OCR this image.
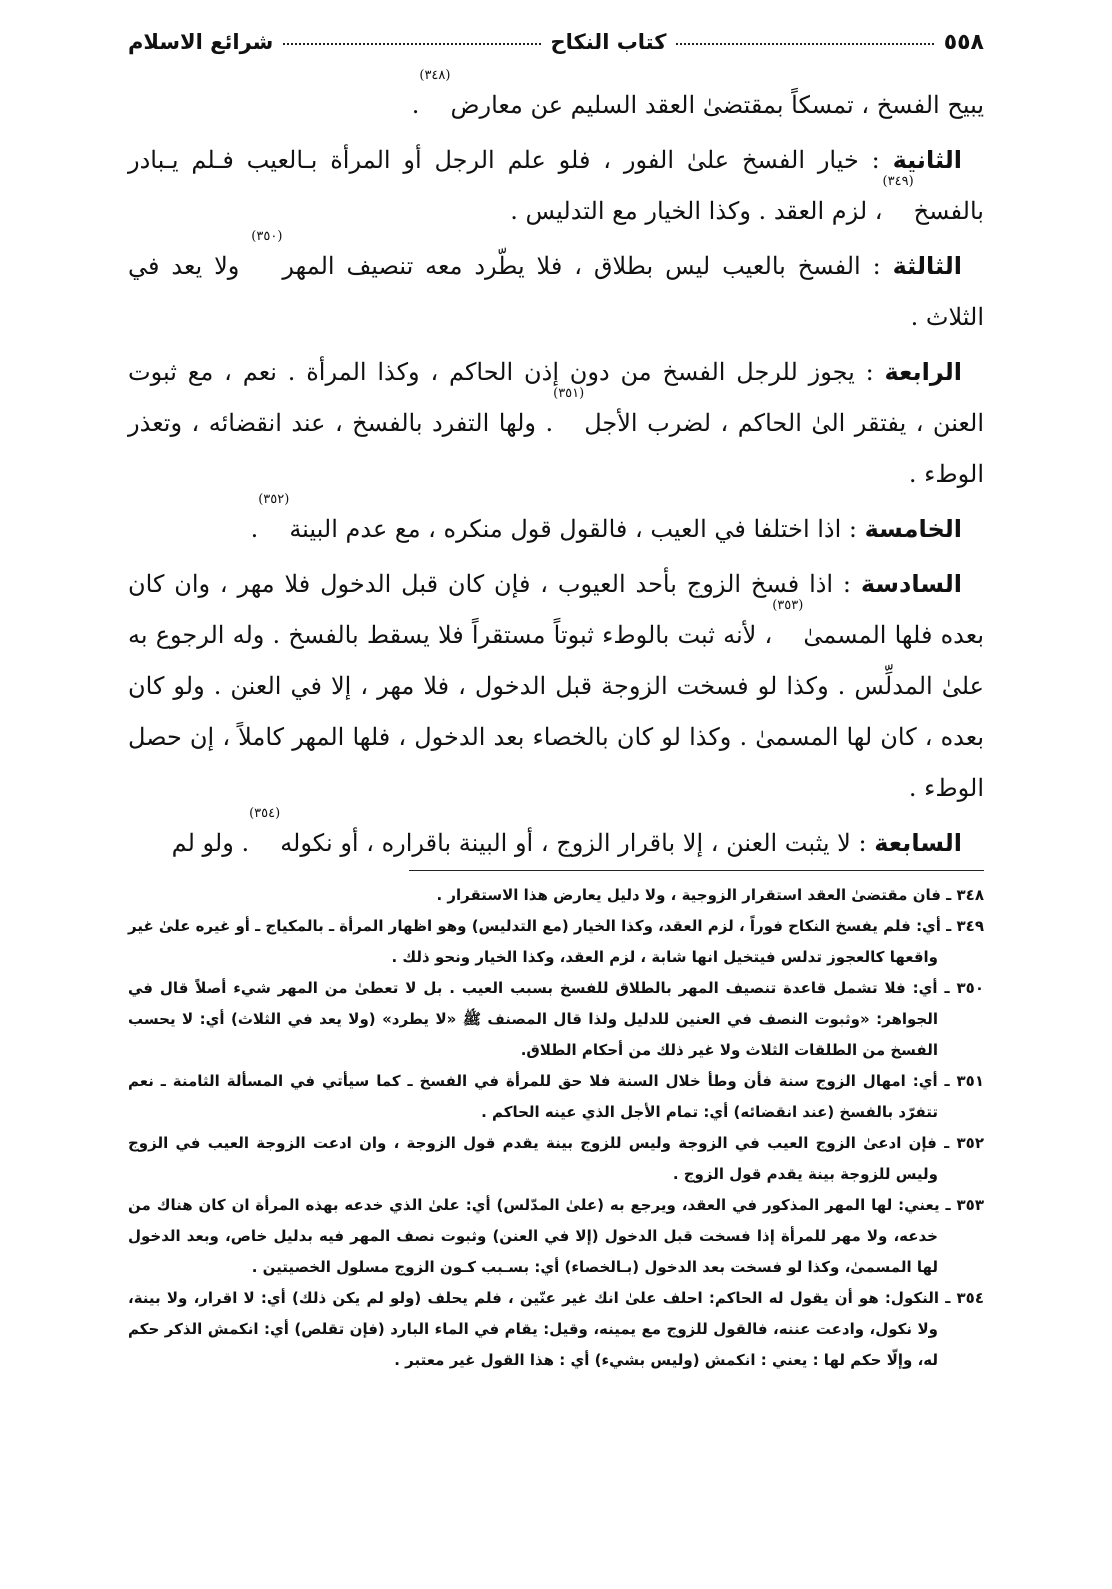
٥٥٨
كتاب النكاح
شرائع الاسلام

يبيح الفسخ ، تمسكاً بمقتضىٰ العقد السليم عن معارض$^{(٣٤٨)}$.

الثانية : خيار الفسخ علىٰ الفور ، فلو علم الرجل أو المرأة بـالعيب فـلم يـبادر بالفسخ$^{(٣٤٩)}$، لزم العقد . وكذا الخيار مع التدليس .

الثالثة : الفسخ بالعيب ليس بطلاق ، فلا يطّرد معه تنصيف المهر$^{(٣٥٠)}$ ولا يعد في الثلاث .

الرابعة : يجوز للرجل الفسخ من دون إذن الحاكم ، وكذا المرأة . نعم ، مع ثبوت العنن ، يفتقر الىٰ الحاكم ، لضرب الأجل$^{(٣٥١)}$. ولها التفرد بالفسخ ، عند انقضائه ، وتعذر الوطء .

الخامسة : اذا اختلفا في العيب ، فالقول قول منكره ، مع عدم البينة$^{(٣٥٢)}$.

السادسة : اذا فسخ الزوج بأحد العيوب ، فإن كان قبل الدخول فلا مهر ، وان كان بعده فلها المسمىٰ$^{(٣٥٣)}$، لأنه ثبت بالوطء ثبوتاً مستقراً فلا يسقط بالفسخ . وله الرجوع به علىٰ المدلِّس . وكذا لو فسخت الزوجة قبل الدخول ، فلا مهر ، إلا في العنن . ولو كان بعده ، كان لها المسمىٰ . وكذا لو كان بالخصاء بعد الدخول ، فلها المهر كاملاً ، إن حصل الوطء .

السابعة : لا يثبت العنن ، إلا باقرار الزوج ، أو البينة باقراره ، أو نكوله$^{(٣٥٤)}$. ولو لم

٣٤٨ ـ فان مقتضىٰ العقد استقرار الزوجية ، ولا دليل يعارض هذا الاستقرار .

٣٤٩ ـ أي: فلم يفسخ النكاح فوراً ، لزم العقد، وكذا الخيار (مع التدليس) وهو اظهار المرأة ـ بالمكياج ـ أو غيره علىٰ غير واقعها كالعجوز تدلس فيتخيل انها شابة ، لزم العقد، وكذا الخيار ونحو ذلك .

٣٥٠ ـ أي: فلا تشمل قاعدة تنصيف المهر بالطلاق للفسخ بسبب العيب . بل لا تعطىٰ من المهر شيء أصلاً قال في الجواهر: «وثبوت النصف في العنين للدليل ولذا قال المصنف ﷺ «لا يطرد» (ولا يعد في الثلاث) أي: لا يحسب الفسخ من الطلقات الثلاث ولا غير ذلك من أحكام الطلاق.

٣٥١ ـ أي: امهال الزوج سنة فأن وطأ خلال السنة فلا حق للمرأة في الفسخ ـ كما سيأتي في المسألة الثامنة ـ نعم تتفرّد بالفسخ (عند انقضائه) أي: تمام الأجل الذي عينه الحاكم .

٣٥٢ ـ فإن ادعىٰ الزوج العيب في الزوجة وليس للزوج بينة يقدم قول الزوجة ، وان ادعت الزوجة العيب في الزوج وليس للزوجة بينة يقدم قول الزوج .

٣٥٣ ـ يعني: لها المهر المذكور في العقد، ويرجع به (علىٰ المدّلس) أي: علىٰ الذي خدعه بهذه المرأة ان كان هناك من خدعه، ولا مهر للمرأة إذا فسخت قبل الدخول (إلا في العنن) وثبوت نصف المهر فيه بدليل خاص، وبعد الدخول لها المسمىٰ، وكذا لو فسخت بعد الدخول (بـالخصاء) أي: بسـبب كـون الزوج مسلول الخصيتين .

٣٥٤ ـ النكول: هو أن يقول له الحاكم: احلف علىٰ انك غير عنّين ، فلم يحلف (ولو لم يكن ذلك) أي: لا اقرار، ولا بينة، ولا نكول، وادعت عننه، فالقول للزوج مع يمينه، وقيل: يقام في الماء البارد (فإن تقلص) أي: انكمش الذكر حكم له، وإلّا حكم لها : يعني : انكمش (وليس بشيء) أي : هذا القول غير معتبر .
